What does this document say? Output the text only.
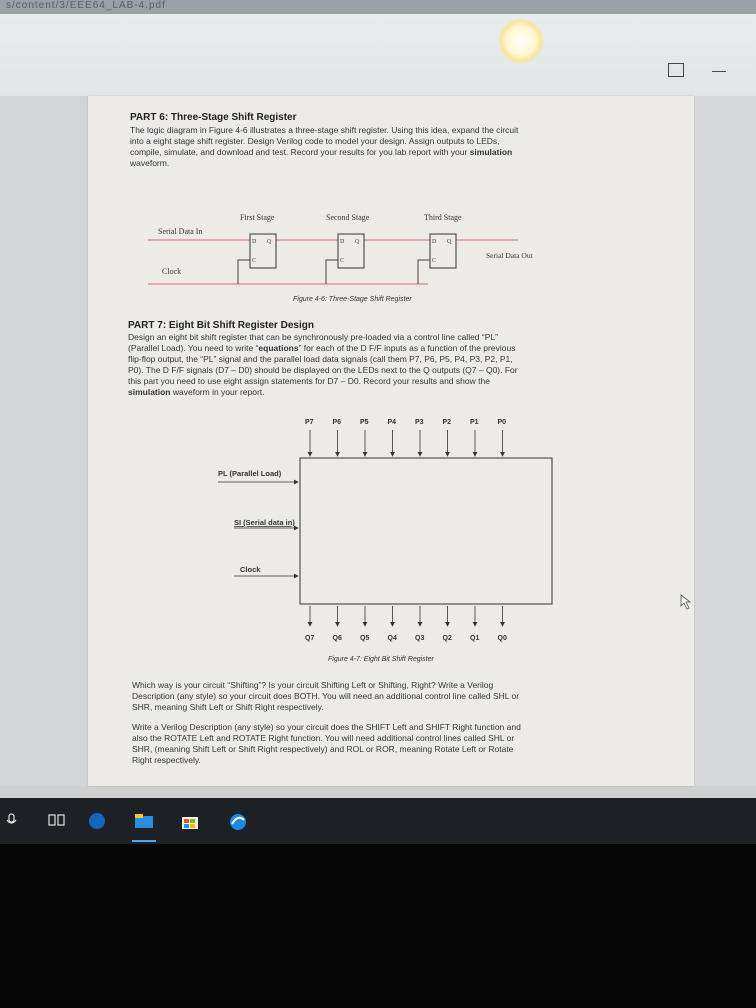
s/content/3/EEE64_LAB-4.pdf
—
PART 6: Three-Stage Shift Register

The logic diagram in Figure 4-6 illustrates a three-stage shift register. Using this idea, expand the circuit

into a eight stage shift register. Design Verilog code to model your design. Assign outputs to LEDs,

compile, simulate, and download and test. Record your results for you lab report with your simulation

waveform.

First Stage	Second Stage	Third Stage
Serial Data In
Serial Data Out
Clock
D Q
C
D Q
C
D Q
C
Figure 4-6: Three-Stage Shift Register
PART 7: Eight Bit Shift Register Design

Design an eight bit shift register that can be synchronously pre-loaded via a control line called “PL”

(Parallel Load). You need to write “equations” for each of the D F/F inputs as a function of the previous

flip-flop output, the “PL” signal and the parallel load data signals (call them P7, P6, P5, P4, P3, P2, P1,

P0). The D F/F signals (D7 – D0) should be displayed on the LEDs next to the Q outputs (Q7 – Q0). For

this part you need to use eight assign statements for D7 – D0. Record your results and show the

simulation waveform in your report.

P7	P6	P5	P4	P3	P2	P1	P0
Q7	Q6	Q5	Q4	Q3	Q2	Q1	Q0
PL (Parallel Load)
SI (Serial data in)
Clock
Figure 4-7: Eight Bit Shift Register

Which way is your circuit “Shifting”? Is your circuit Shifting Left or Shifting, Right? Write a Verilog

Description (any style) so your circuit does BOTH. You will need an additional control line called SHL or

SHR, meaning Shift Left or Shift Right respectively.

Write a Verilog Description (any style) so your circuit does the SHIFT Left and SHIFT Right function and

also the ROTATE Left and ROTATE Right function. You will need additional control lines called SHL or

SHR, (meaning Shift Left or Shift Right respectively) and ROL or ROR, meaning Rotate Left or Rotate

Right respectively.
